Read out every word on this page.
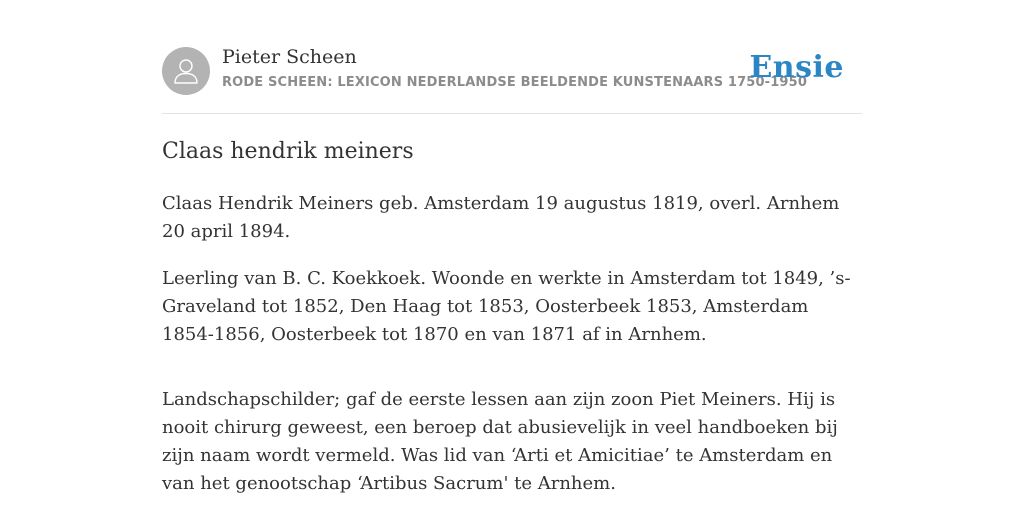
Pieter Scheen
RODE SCHEEN: LEXICON NEDERLANDSE BEELDENDE KUNSTENAARS 1750-1950
Ensie
Claas hendrik meiners

Claas Hendrik Meiners geb. Amsterdam 19 augustus 1819, overl. Arnhem 20 april 1894.

Leerling van B. C. Koekkoek. Woonde en werkte in Amsterdam tot 1849, ’s-Graveland tot 1852, Den Haag tot 1853, Oosterbeek 1853, Amsterdam 1854-1856, Oosterbeek tot 1870 en van 1871 af in Arnhem.

Landschapschilder; gaf de eerste lessen aan zijn zoon Piet Meiners. Hij is nooit chirurg geweest, een beroep dat abusievelijk in veel handboeken bij zijn naam wordt vermeld. Was lid van ‘Arti et Amicitiae’ te Amsterdam en van het genootschap ‘Artibus Sacrum' te Arnhem.
